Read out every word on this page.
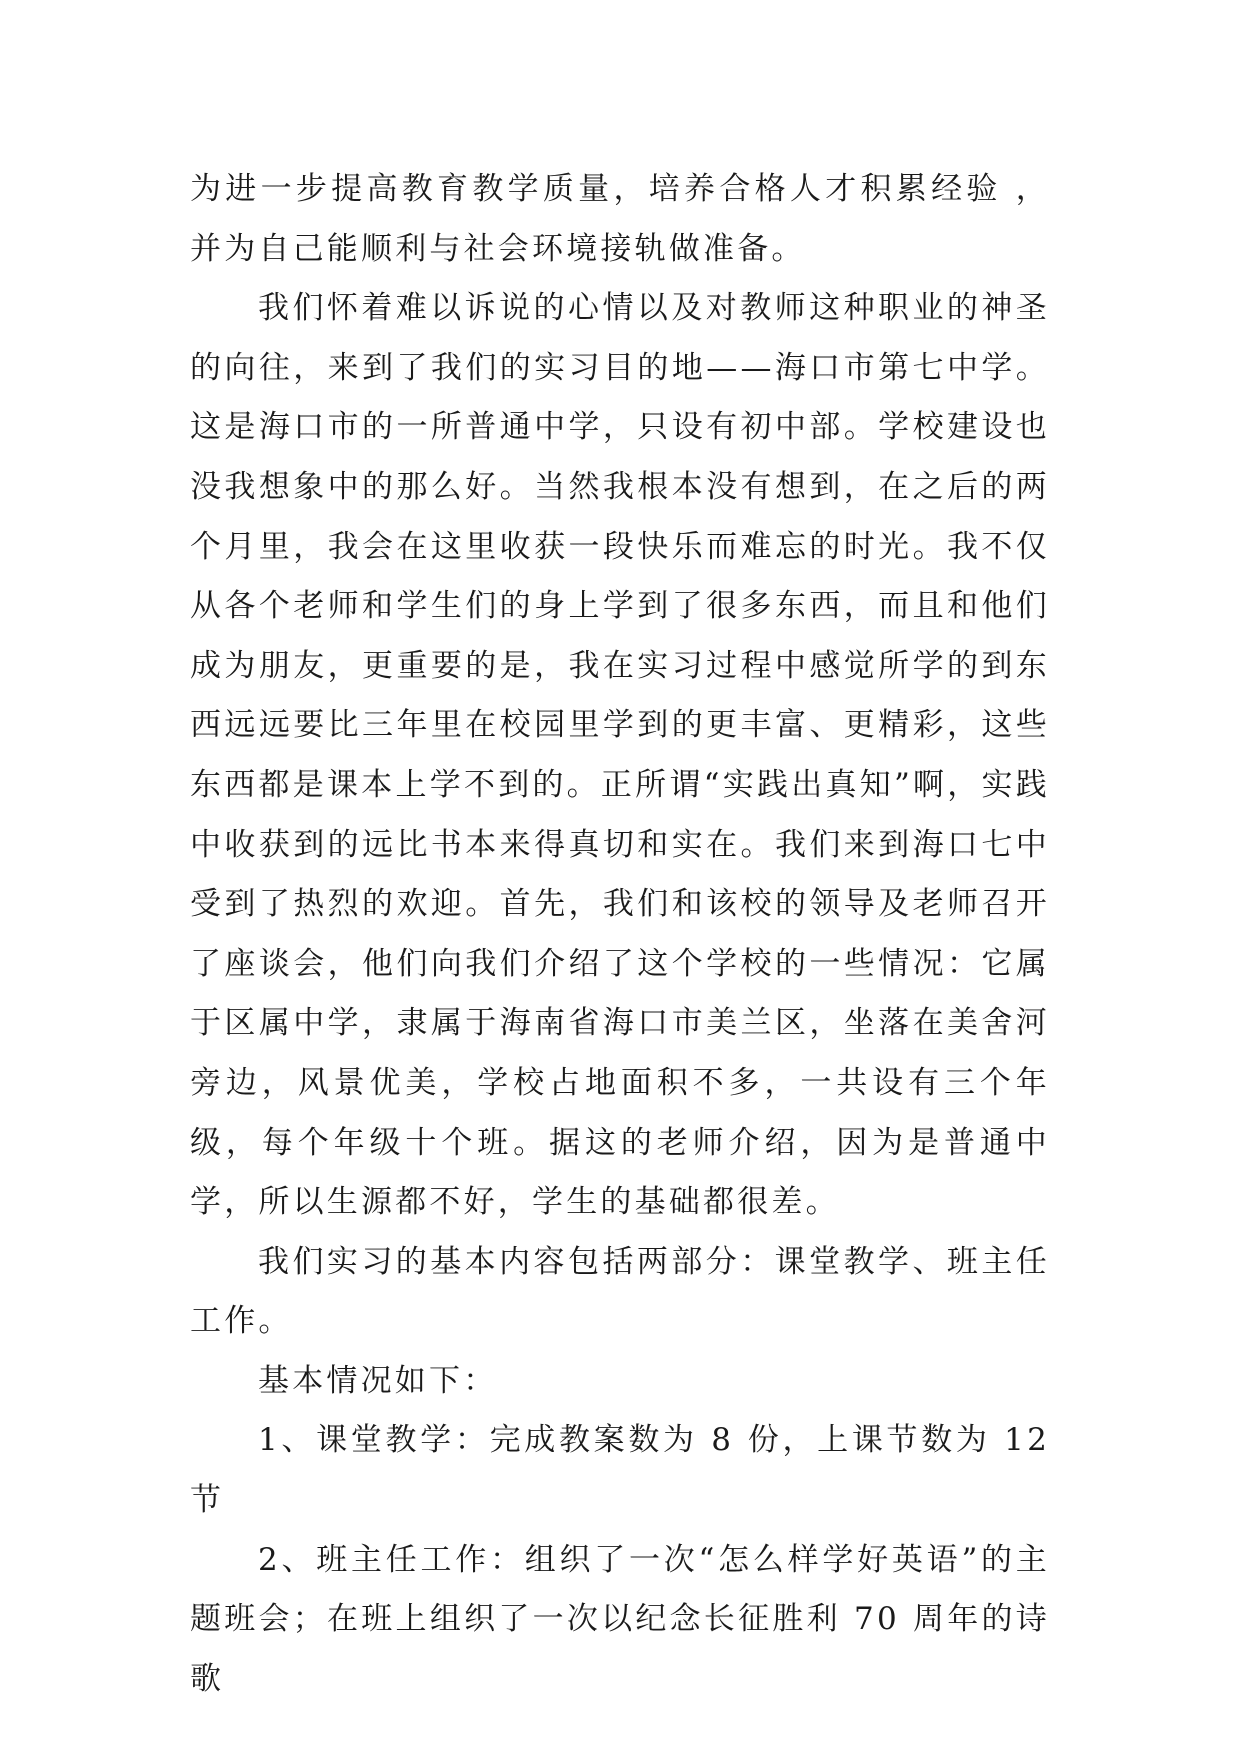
为进一步提高教育教学质量，培养合格人才积累经验 ，并为自己能顺利与社会环境接轨做准备。

我们怀着难以诉说的心情以及对教师这种职业的神圣的向往，来到了我们的实习目的地——海口市第七中学。这是海口市的一所普通中学，只设有初中部。学校建设也没我想象中的那么好。当然我根本没有想到，在之后的两个月里，我会在这里收获一段快乐而难忘的时光。我不仅从各个老师和学生们的身上学到了很多东西，而且和他们成为朋友，更重要的是，我在实习过程中感觉所学的到东西远远要比三年里在校园里学到的更丰富、更精彩，这些东西都是课本上学不到的。正所谓“实践出真知”啊，实践中收获到的远比书本来得真切和实在。我们来到海口七中受到了热烈的欢迎。首先，我们和该校的领导及老师召开了座谈会，他们向我们介绍了这个学校的一些情况：它属于区属中学，隶属于海南省海口市美兰区，坐落在美舍河旁边，风景优美，学校占地面积不多，一共设有三个年级，每个年级十个班。据这的老师介绍，因为是普通中学，所以生源都不好，学生的基础都很差。

我们实习的基本内容包括两部分：课堂教学、班主任工作。

基本情况如下：

1、课堂教学：完成教案数为 8 份，上课节数为 12 节

2、班主任工作：组织了一次“怎么样学好英语”的主题班会；在班上组织了一次以纪念长征胜利 70 周年的诗歌
